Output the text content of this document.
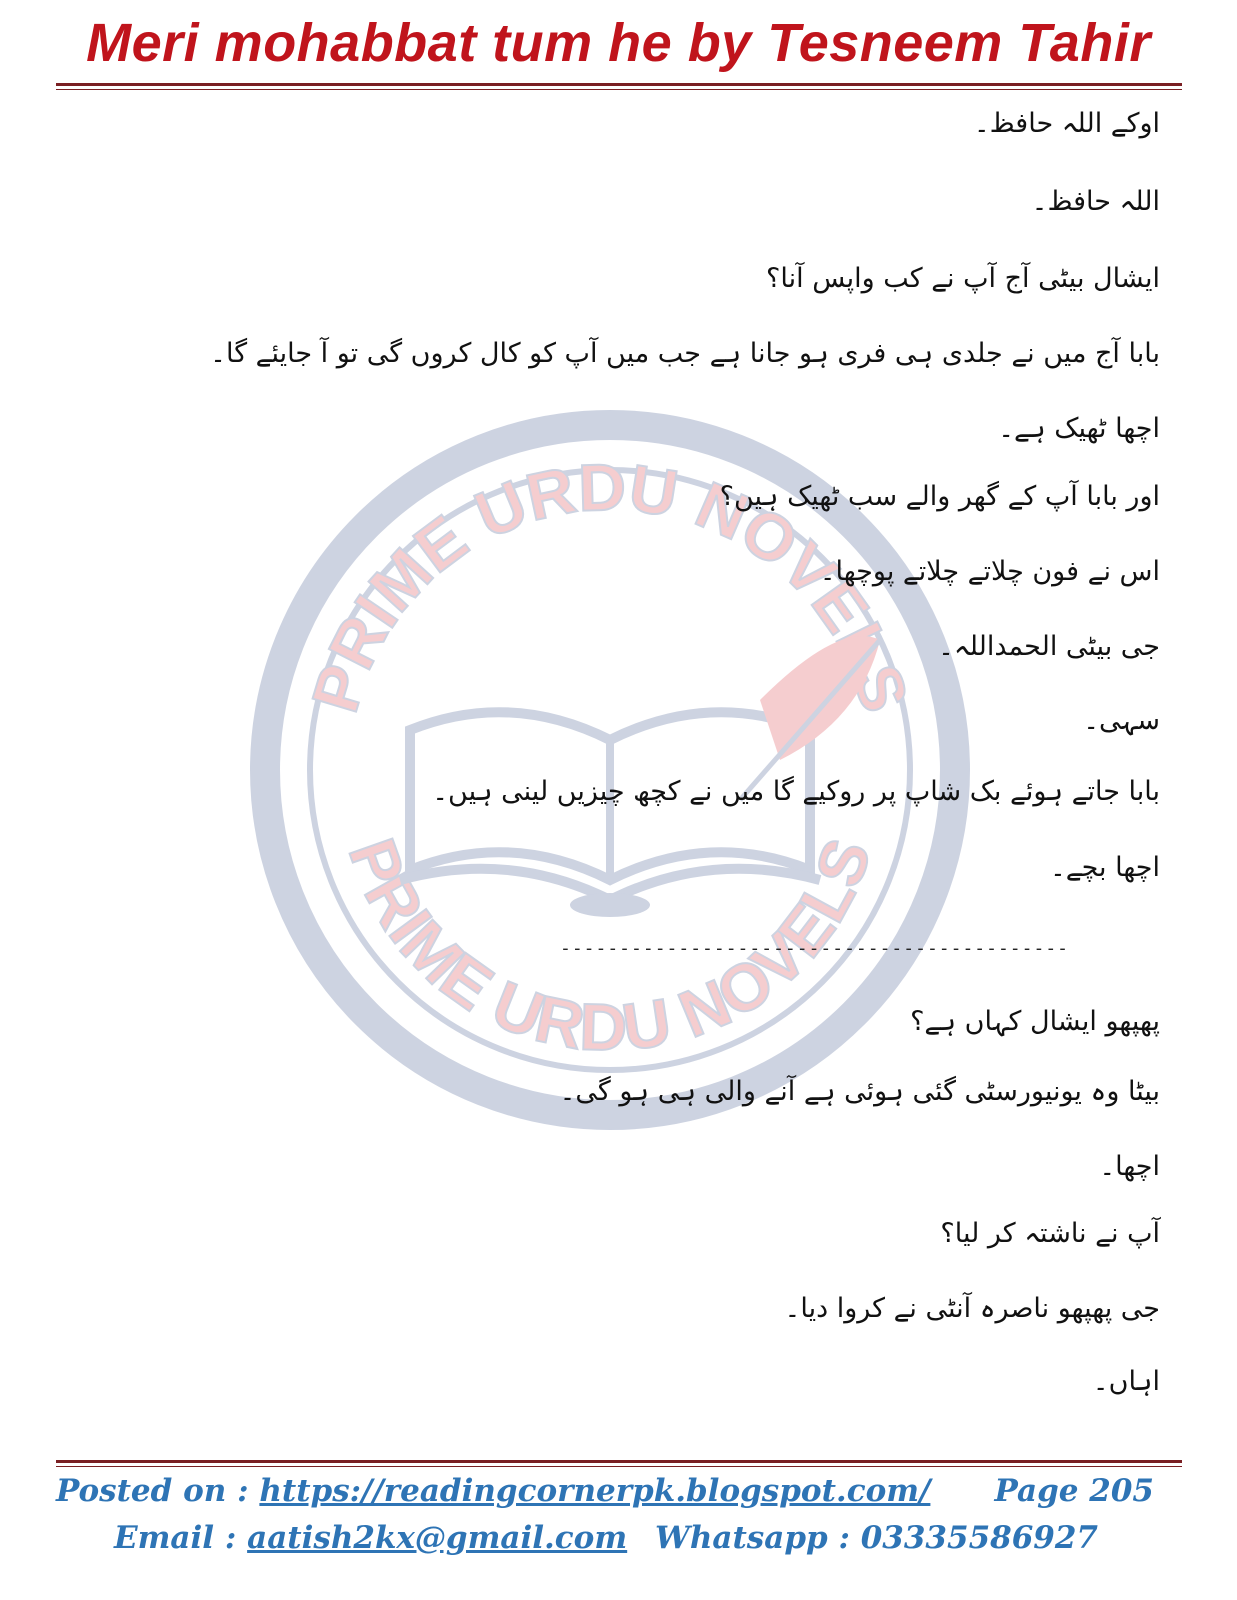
Meri mohabbat tum he by Tesneem Tahir
PRIME URDU NOVELS
PRIME URDU NOVELS
اوکے اللہ حافظ۔
اللہ حافظ۔
ایشال بیٹی آج آپ نے کب واپس آنا؟
بابا آج میں نے جلدی ہی فری ہو جانا ہے جب میں آپ کو کال کروں گی تو آ جایئے گا۔
اچھا ٹھیک ہے۔
اور بابا آپ کے گھر والے سب ٹھیک ہیں؟
اس نے فون چلاتے چلاتے پوچھا۔
جی بیٹی الحمداللہ۔
سہی۔
بابا جاتے ہوئے بک شاپ پر روکیے گا میں نے کچھ چیزیں لینی ہیں۔
اچھا بچے۔
پھپھو ایشال کہاں ہے؟
بیٹا وہ یونیورسٹی گئی ہوئی ہے آنے والی ہی ہو گی۔
اچھا۔
آپ نے ناشتہ کر لیا؟
جی پھپھو ناصرہ آنٹی نے کروا دیا۔
اہاں۔
-------------------------------------------
Posted on : https://readingcornerpk.blogspot.com/ Page 205
Email : aatish2kx@gmail.com Whatsapp : 03335586927
